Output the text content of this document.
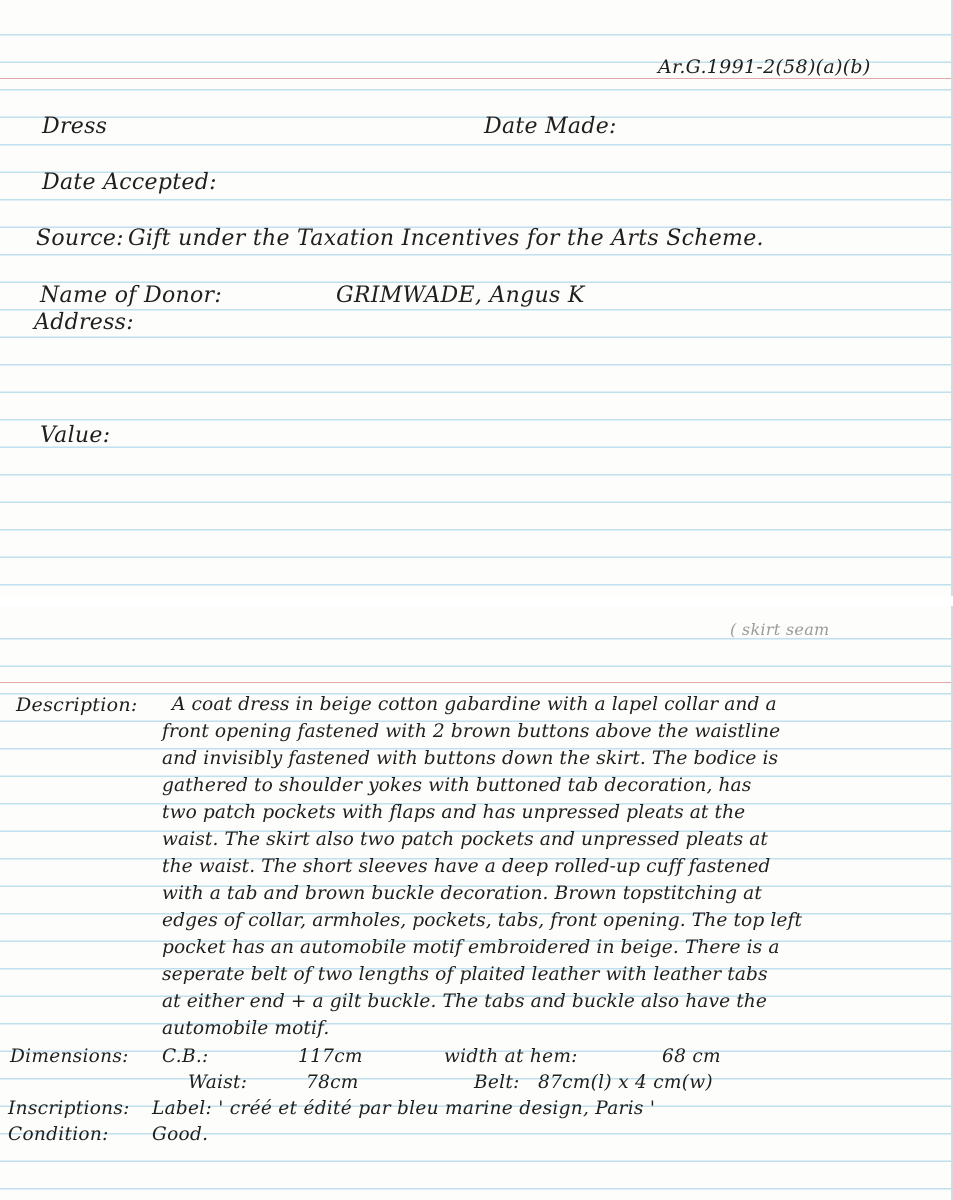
Ar.G.1991-2(58)(a)(b)
Dress	Date Made:
Date Accepted:
Source: Gift under the Taxation Incentives for the Arts Scheme.
Name of Donor:	GRIMWADE, Angus K
Address:
Value:
( skirt seam
Description: A coat dress in beige cotton gabardine with a lapel collar and a
front opening fastened with 2 brown buttons above the waistline
and invisibly fastened with buttons down the skirt. The bodice is
gathered to shoulder yokes with buttoned tab decoration, has
two patch pockets with flaps and has unpressed pleats at the
waist. The skirt also two patch pockets and unpressed pleats at
the waist. The short sleeves have a deep rolled-up cuff fastened
with a tab and brown buckle decoration. Brown topstitching at
edges of collar, armholes, pockets, tabs, front opening. The top left
pocket has an automobile motif embroidered in beige. There is a
seperate belt of two lengths of plaited leather with leather tabs
at either end + a gilt buckle. The tabs and buckle also have the
automobile motif.
Dimensions: C.B.:	117cm	width at hem:	68 cm
Waist:	78cm	Belt: 87cm(l) x 4 cm(w)
Inscriptions: Label: ' créé et édité par bleu marine design, Paris '
Condition: Good.
